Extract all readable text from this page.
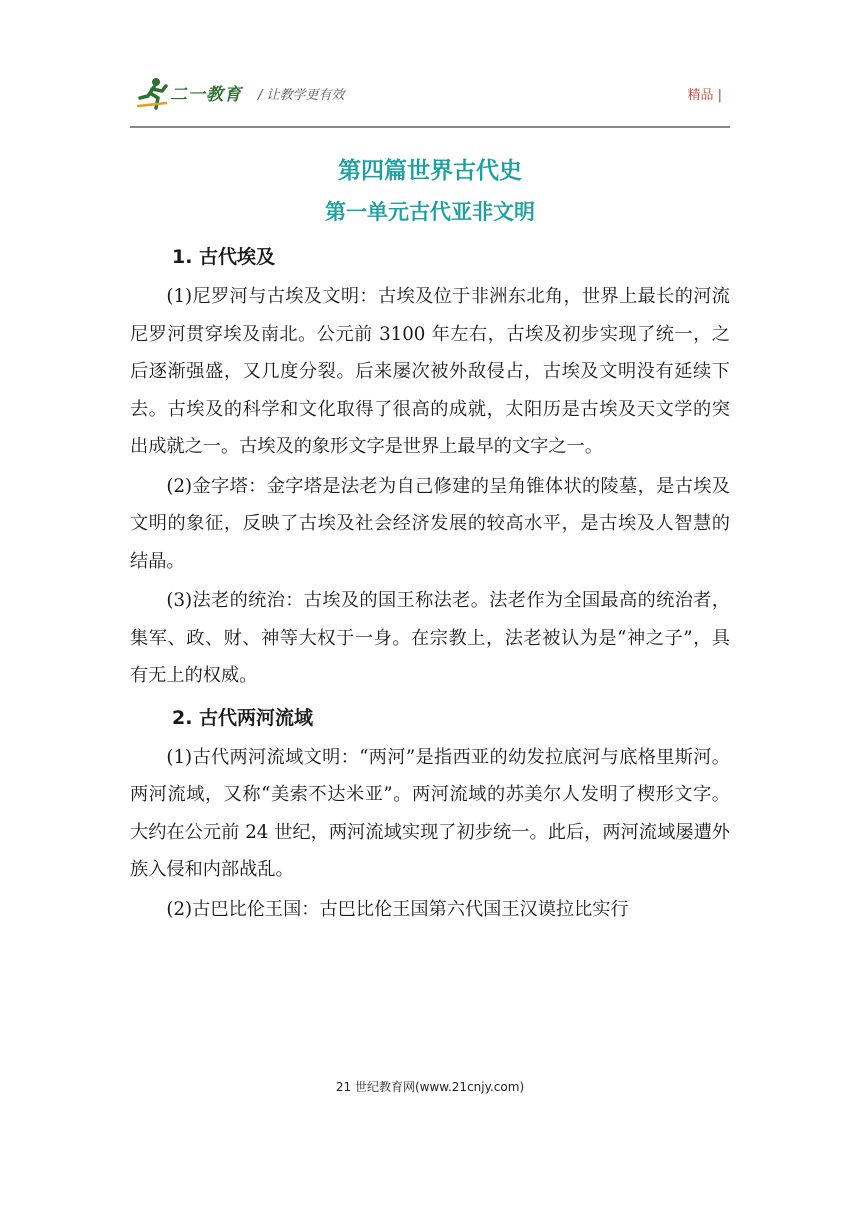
二一教育 / 让教学更有效	精品 |
第四篇世界古代史
第一单元古代亚非文明
1. 古代埃及

(1)尼罗河与古埃及文明：古埃及位于非洲东北角，世界上最长的河流尼罗河贯穿埃及南北。公元前 3100 年左右，古埃及初步实现了统一，之后逐渐强盛，又几度分裂。后来屡次被外敌侵占，古埃及文明没有延续下去。古埃及的科学和文化取得了很高的成就，太阳历是古埃及天文学的突出成就之一。古埃及的象形文字是世界上最早的文字之一。

(2)金字塔：金字塔是法老为自己修建的呈角锥体状的陵墓，是古埃及文明的象征，反映了古埃及社会经济发展的较高水平，是古埃及人智慧的结晶。

(3)法老的统治：古埃及的国王称法老。法老作为全国最高的统治者，集军、政、财、神等大权于一身。在宗教上，法老被认为是“神之子”，具有无上的权威。

2. 古代两河流域

(1)古代两河流域文明：“两河”是指西亚的幼发拉底河与底格里斯河。两河流域，又称“美索不达米亚”。两河流域的苏美尔人发明了楔形文字。大约在公元前 24 世纪，两河流域实现了初步统一。此后，两河流域屡遭外族入侵和内部战乱。

(2)古巴比伦王国：古巴比伦王国第六代国王汉谟拉比实行

21 世纪教育网(www.21cnjy.com)
